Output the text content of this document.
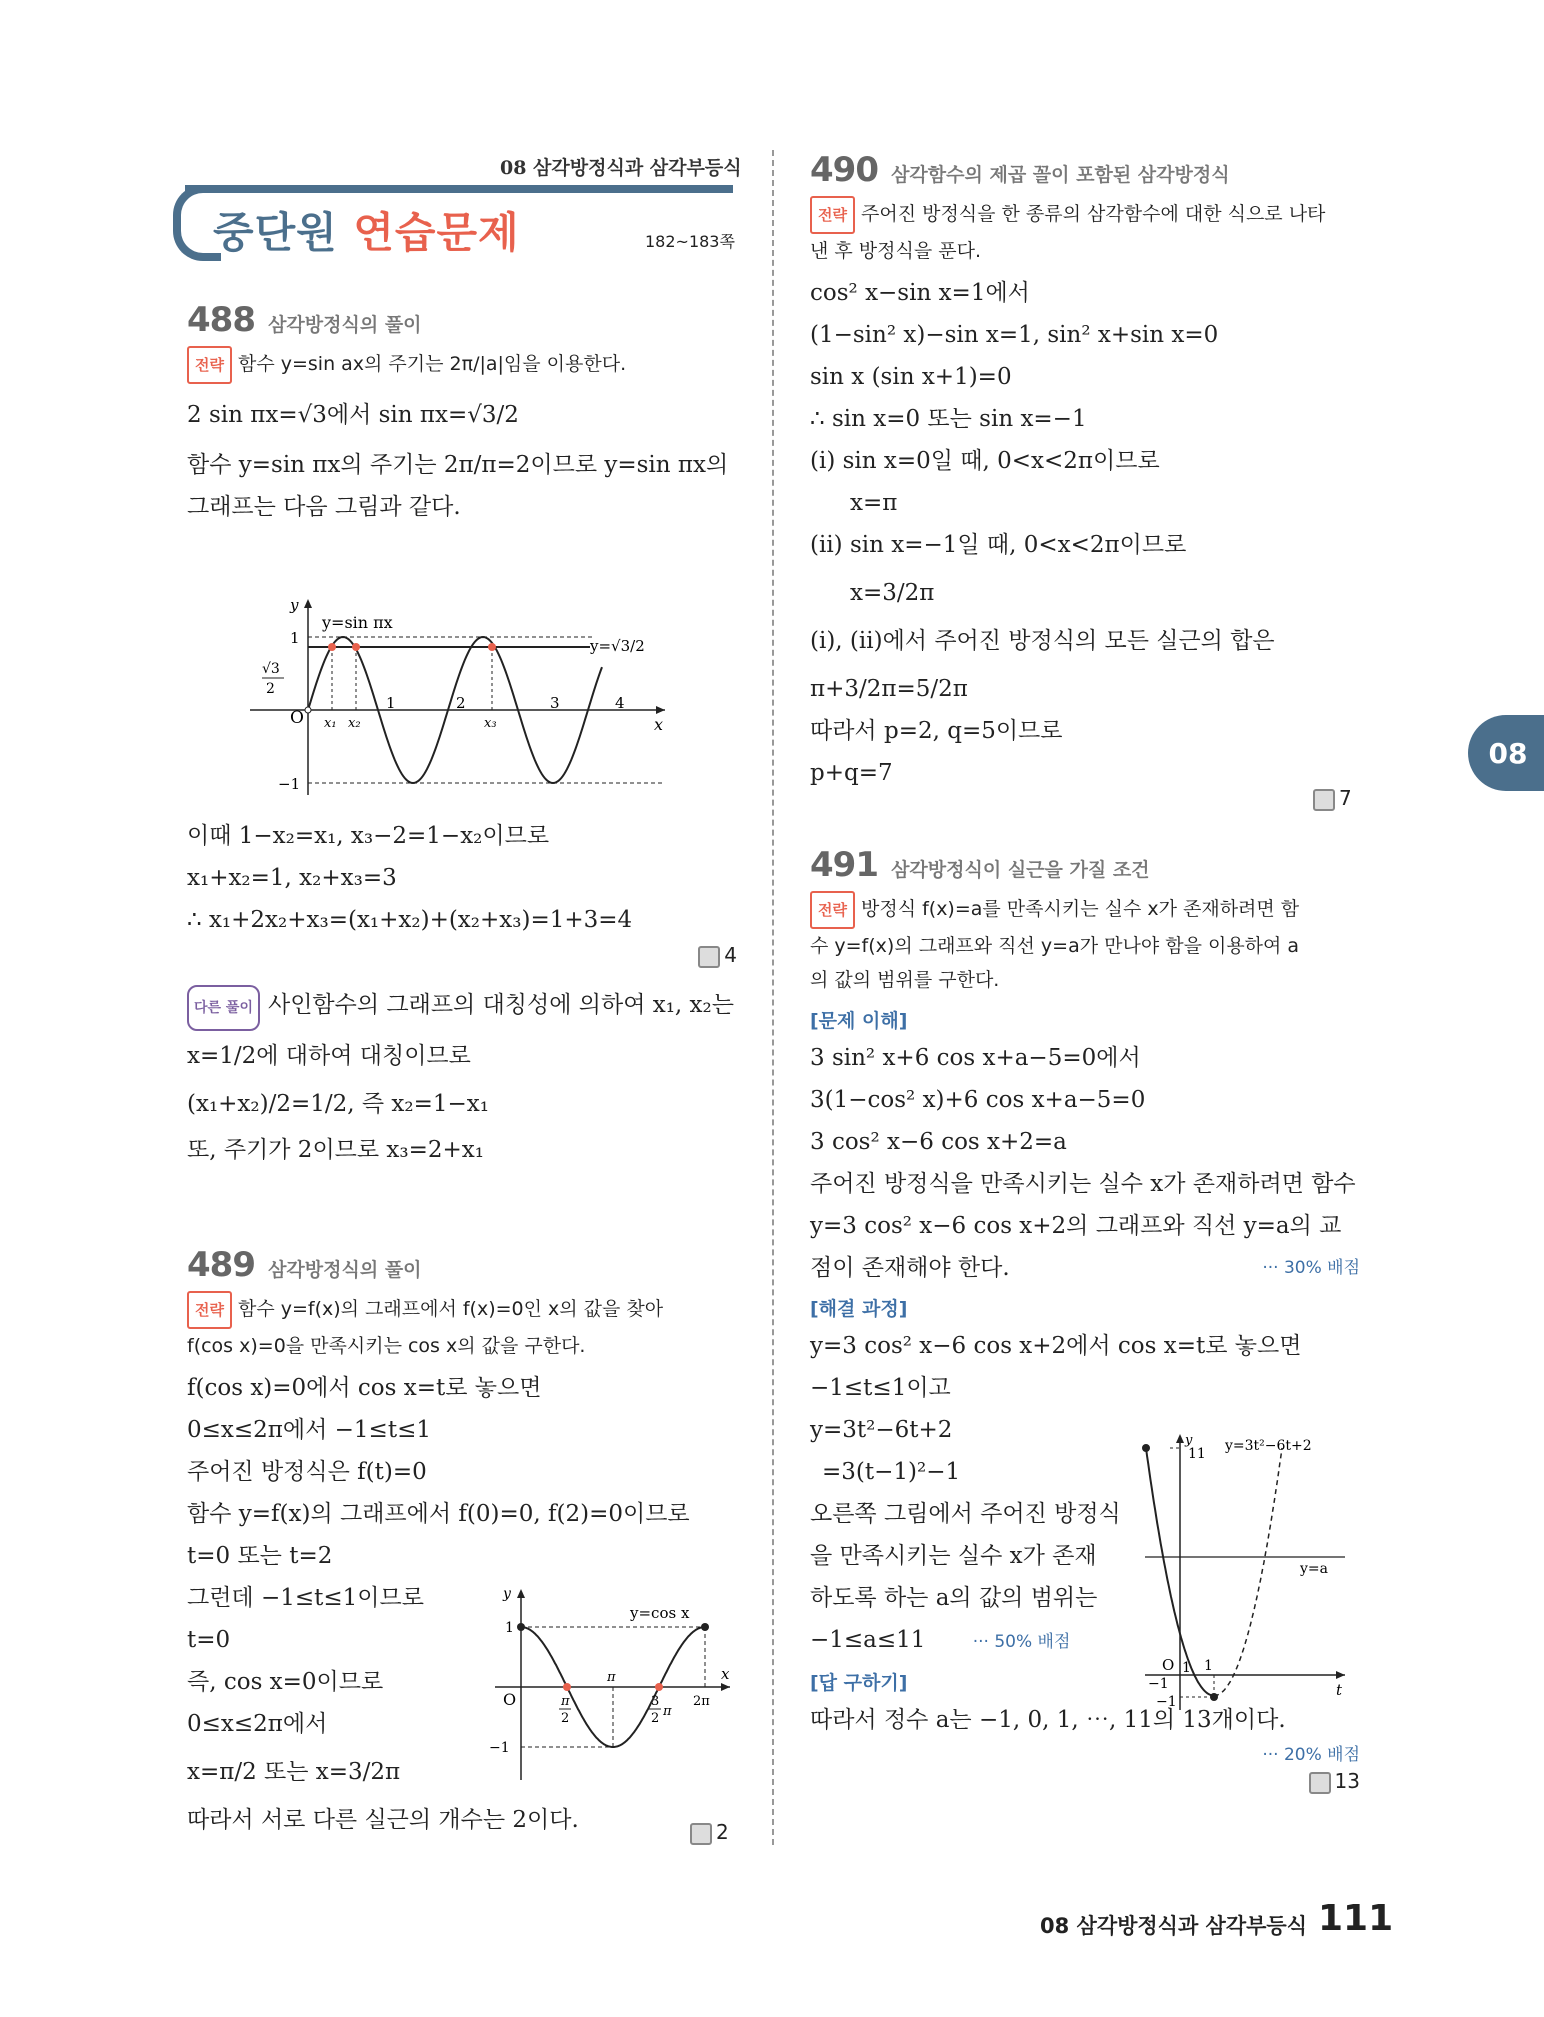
08 삼각방정식과 삼각부등식
중단원 연습문제	182~183쪽
488 삼각방정식의 풀이
전략 함수 y=sin ax의 주기는 2π/|a|임을 이용한다.
2 sin πx=√3에서 sin πx=√3/2
함수 y=sin πx의 주기는 2π/π=2이므로 y=sin πx의
그래프는 다음 그림과 같다.
y
x
O
1
−1
√3
2
1	2	3	4
x₁ x₂	x₃
y=sin πx
y=√3/2
이때 1−x₂=x₁, x₃−2=1−x₂이므로
x₁+x₂=1, x₂+x₃=3
∴ x₁+2x₂+x₃=(x₁+x₂)+(x₂+x₃)=1+3=4
4
다른 풀이 사인함수의 그래프의 대칭성에 의하여 x₁, x₂는
x=1/2에 대하여 대칭이므로
(x₁+x₂)/2=1/2, 즉 x₂=1−x₁
또, 주기가 2이므로 x₃=2+x₁
489 삼각방정식의 풀이
전략 함수 y=f(x)의 그래프에서 f(x)=0인 x의 값을 찾아
f(cos x)=0을 만족시키는 cos x의 값을 구한다.
f(cos x)=0에서 cos x=t로 놓으면
0≤x≤2π에서 −1≤t≤1
주어진 방정식은 f(t)=0
함수 y=f(x)의 그래프에서 f(0)=0, f(2)=0이므로
t=0 또는 t=2
그런데 −1≤t≤1이므로
t=0
즉, cos x=0이므로
0≤x≤2π에서
x=π/2 또는 x=3/2π
따라서 서로 다른 실근의 개수는 2이다.	2
y
x
O
1
−1
π
2
π
3
2 π
2π
y=cos x
490 삼각함수의 제곱 꼴이 포함된 삼각방정식
전략 주어진 방정식을 한 종류의 삼각함수에 대한 식으로 나타
낸 후 방정식을 푼다.
cos² x−sin x=1에서
(1−sin² x)−sin x=1, sin² x+sin x=0
sin x (sin x+1)=0
∴ sin x=0 또는 sin x=−1
(ⅰ) sin x=0일 때, 0<x<2π이므로
x=π
(ⅱ) sin x=−1일 때, 0<x<2π이므로
x=3/2π
(ⅰ), (ⅱ)에서 주어진 방정식의 모든 실근의 합은
π+3/2π=5/2π
따라서 p=2, q=5이므로
p+q=7
7
491 삼각방정식이 실근을 가질 조건
전략 방정식 f(x)=a를 만족시키는 실수 x가 존재하려면 함
수 y=f(x)의 그래프와 직선 y=a가 만나야 함을 이용하여 a
의 값의 범위를 구한다.
[문제 이해]
3 sin² x+6 cos x+a−5=0에서
3(1−cos² x)+6 cos x+a−5=0
3 cos² x−6 cos x+2=a
주어진 방정식을 만족시키는 실수 x가 존재하려면 함수
y=3 cos² x−6 cos x+2의 그래프와 직선 y=a의 교
점이 존재해야 한다.	··· 30% 배점
[해결 과정]
y=3 cos² x−6 cos x+2에서 cos x=t로 놓으면
−1≤t≤1이고
y=3t²−6t+2
=3(t−1)²−1
오른쪽 그림에서 주어진 방정식
을 만족시키는 실수 x가 존재
하도록 하는 a의 값의 범위는
−1≤a≤11	··· 50% 배점
[답 구하기]
따라서 정수 a는 −1, 0, 1, ⋯, 11의 13개이다.
··· 20% 배점
13
y
t
11
1
O 1
−1
−1
y=3t²−6t+2
y=a
08
08 삼각방정식과 삼각부등식 111
